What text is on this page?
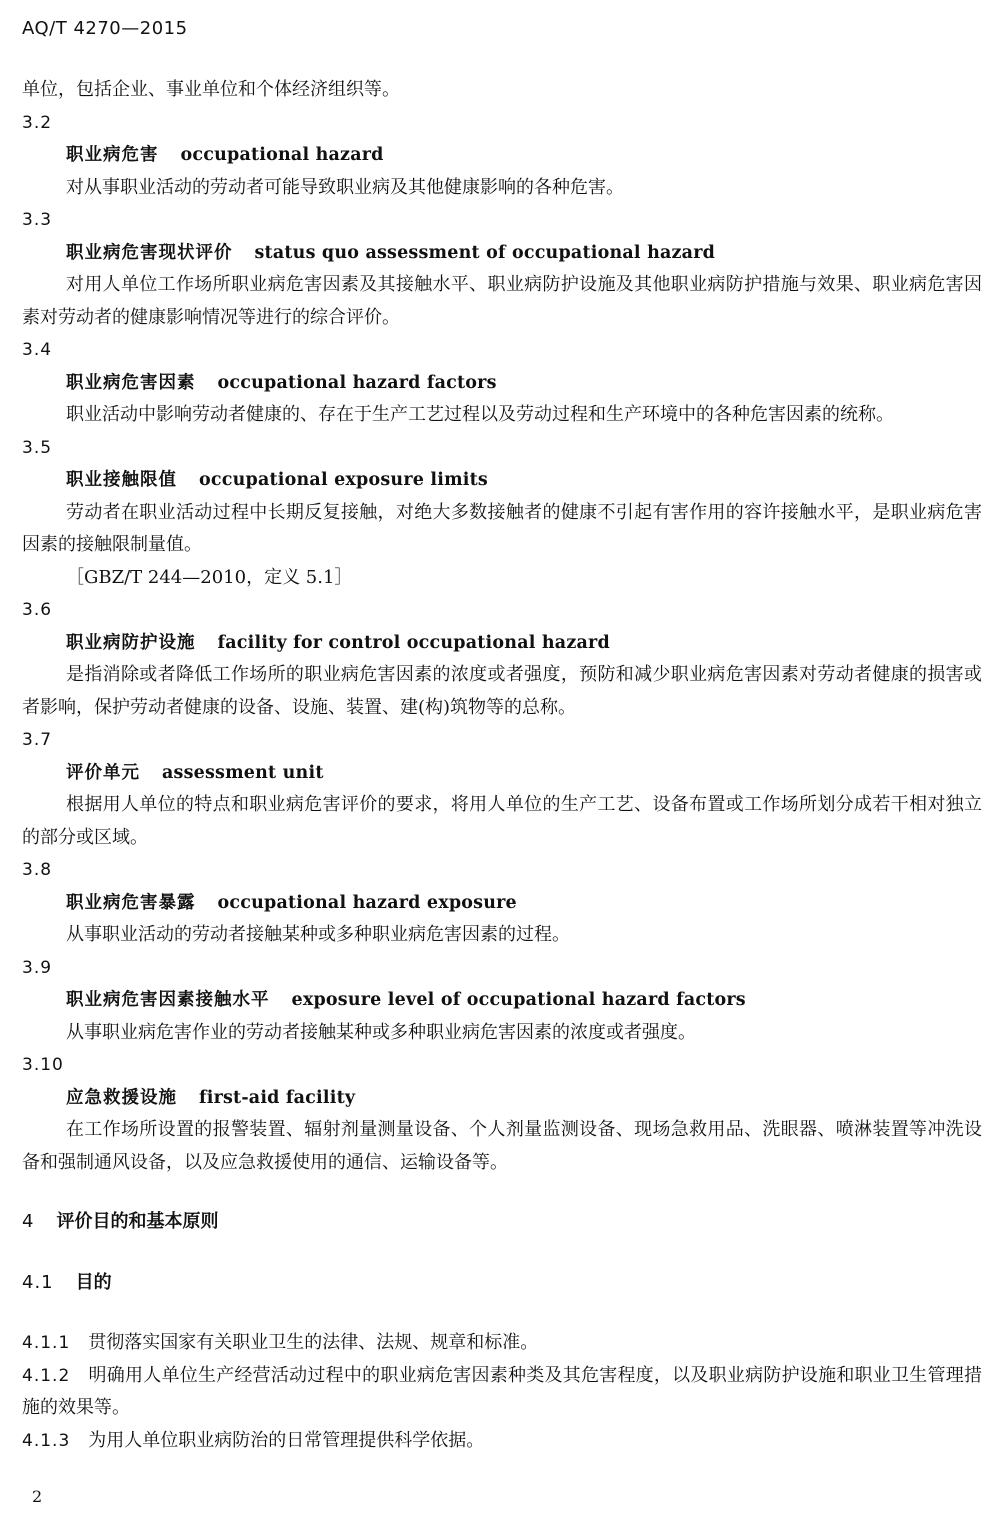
AQ/T 4270—2015
单位，包括企业、事业单位和个体经济组织等。
3.2
职业病危害 occupational hazard
对从事职业活动的劳动者可能导致职业病及其他健康影响的各种危害。
3.3
职业病危害现状评价 status quo assessment of occupational hazard
对用人单位工作场所职业病危害因素及其接触水平、职业病防护设施及其他职业病防护措施与效果、职业病危害因素对劳动者的健康影响情况等进行的综合评价。
3.4
职业病危害因素 occupational hazard factors
职业活动中影响劳动者健康的、存在于生产工艺过程以及劳动过程和生产环境中的各种危害因素的统称。
3.5
职业接触限值 occupational exposure limits
劳动者在职业活动过程中长期反复接触，对绝大多数接触者的健康不引起有害作用的容许接触水平，是职业病危害因素的接触限制量值。
［GBZ/T 244—2010，定义 5.1］
3.6
职业病防护设施 facility for control occupational hazard
是指消除或者降低工作场所的职业病危害因素的浓度或者强度，预防和减少职业病危害因素对劳动者健康的损害或者影响，保护劳动者健康的设备、设施、装置、建(构)筑物等的总称。
3.7
评价单元 assessment unit
根据用人单位的特点和职业病危害评价的要求，将用人单位的生产工艺、设备布置或工作场所划分成若干相对独立的部分或区域。
3.8
职业病危害暴露 occupational hazard exposure
从事职业活动的劳动者接触某种或多种职业病危害因素的过程。
3.9
职业病危害因素接触水平 exposure level of occupational hazard factors
从事职业病危害作业的劳动者接触某种或多种职业病危害因素的浓度或者强度。
3.10
应急救援设施 first-aid facility
在工作场所设置的报警装置、辐射剂量测量设备、个人剂量监测设备、现场急救用品、洗眼器、喷淋装置等冲洗设备和强制通风设备，以及应急救援使用的通信、运输设备等。
4 评价目的和基本原则
4.1 目的
4.1.1 贯彻落实国家有关职业卫生的法律、法规、规章和标准。
4.1.2 明确用人单位生产经营活动过程中的职业病危害因素种类及其危害程度，以及职业病防护设施和职业卫生管理措施的效果等。
4.1.3 为用人单位职业病防治的日常管理提供科学依据。
2
